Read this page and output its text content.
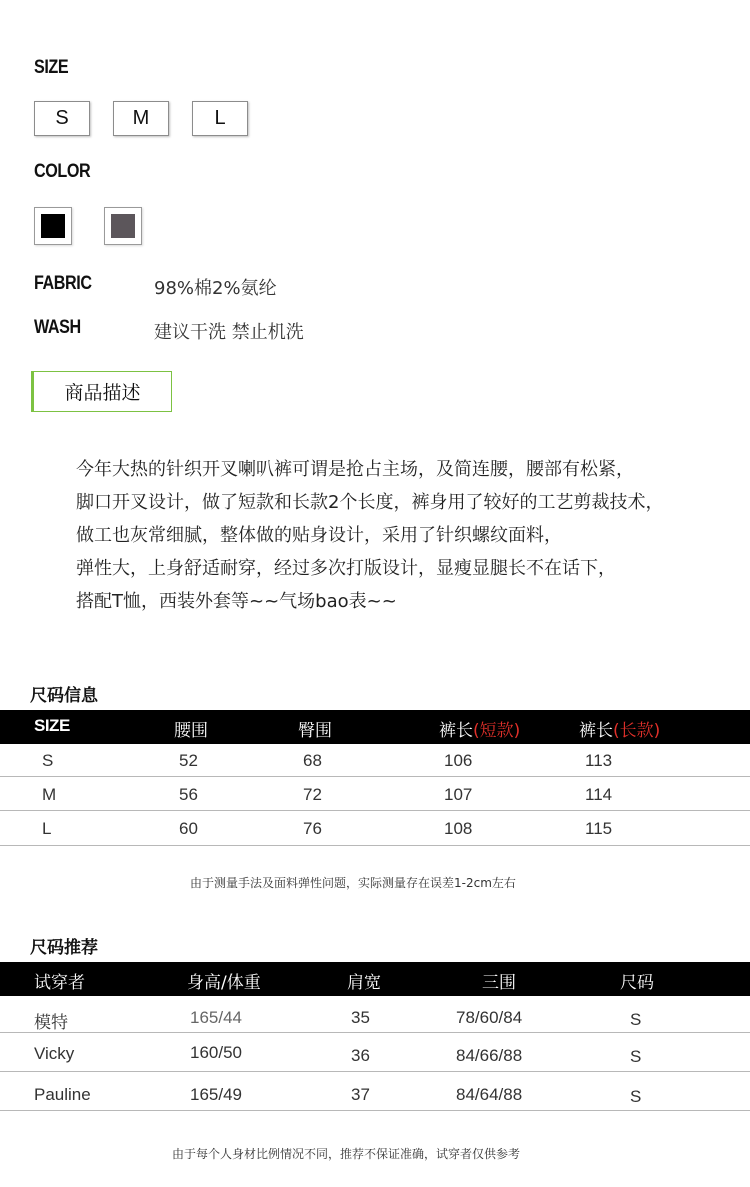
SIZE
S	M	L
COLOR
FABRIC	98%棉2%氨纶
WASH	建议干洗 禁止机洗
商品描述
今年大热的针织开叉喇叭裤可谓是抢占主场，及简连腰，腰部有松紧，
脚口开叉设计，做了短款和长款2个长度，裤身用了较好的工艺剪裁技术，
做工也灰常细腻，整体做的贴身设计，采用了针织螺纹面料，
弹性大，上身舒适耐穿，经过多次打版设计，显瘦显腿长不在话下，
搭配T恤，西装外套等~~气场bao表~~
尺码信息
SIZE	腰围	臀围	裤长(短款)	裤长(长款)
S	52	68	106	113
M	56	72	107	114
L	60	76	108	115
由于测量手法及面料弹性问题，实际测量存在误差1-2cm左右
尺码推荐
试穿者	身高/体重	肩宽	三围	尺码
模特	165/44	35	78/60/84	S
Vicky	160/50	36	84/66/88	S
Pauline	165/49	37	84/64/88	S
由于每个人身材比例情况不同，推荐不保证准确，试穿者仅供参考
